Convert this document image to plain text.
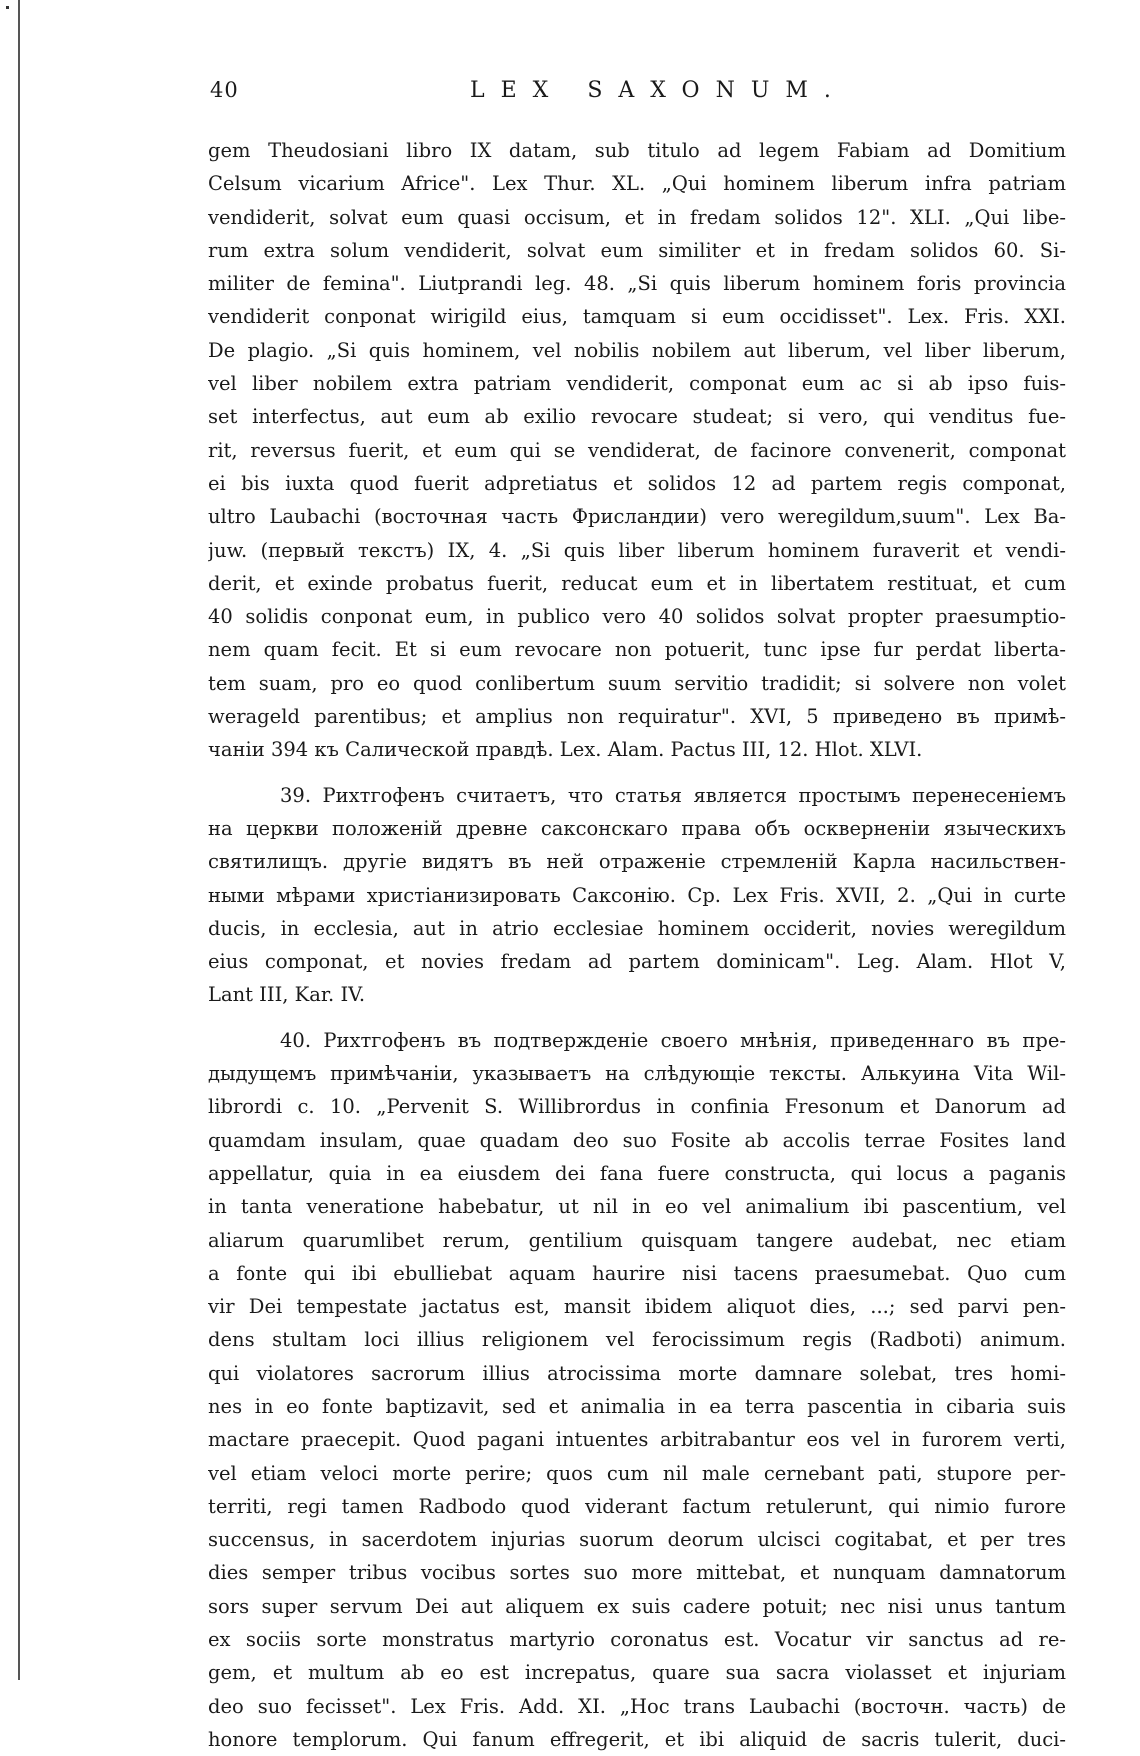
40	LEX SAXONUM.
gem Theudosiani libro IX datam, sub titulo ad legem Fabiam ad Domitium
Celsum vicarium Africe". Lex Thur. XL. „Qui hominem liberum infra patriam
vendiderit, solvat eum quasi occisum, et in fredam solidos 12". XLI. „Qui libe-
rum extra solum vendiderit, solvat eum similiter et in fredam solidos 60. Si-
militer de femina". Liutprandi leg. 48. „Si quis liberum hominem foris provincia
vendiderit conponat wirigild eius, tamquam si eum occidisset". Lex. Fris. XXI.
De plagio. „Si quis hominem, vel nobilis nobilem aut liberum, vel liber liberum,
vel liber nobilem extra patriam vendiderit, componat eum ac si ab ipso fuis-
set interfectus, aut eum ab exilio revocare studeat; si vero, qui venditus fue-
rit, reversus fuerit, et eum qui se vendiderat, de facinore convenerit, componat
ei bis iuxta quod fuerit adpretiatus et solidos 12 ad partem regis componat,
ultro Laubachi (восточная часть Фрисландии) vero weregildum,suum". Lex Ba-
juw. (первый текстъ) IX, 4. „Si quis liber liberum hominem furaverit et vendi-
derit, et exinde probatus fuerit, reducat eum et in libertatem restituat, et cum
40 solidis conponat eum, in publico vero 40 solidos solvat propter praesumptio-
nem quam fecit. Et si eum revocare non potuerit, tunc ipse fur perdat liberta-
tem suam, pro eo quod conlibertum suum servitio tradidit; si solvere non volet
werageld parentibus; et amplius non requiratur". XVI, 5 приведено въ примѣ-
чаніи 394 къ Салической правдѣ. Lex. Alam. Pactus III, 12. Hlot. XLVI.
39. Рихтгофенъ считаетъ, что статья является простымъ перенесеніемъ
на церкви положеній древне саксонскаго права объ оскверненіи языческихъ
святилищъ. другіе видятъ въ ней отраженіе стремленій Карла насильствен-
ными мѣрами христіанизировать Саксонію. Ср. Lex Fris. XVII, 2. „Qui in curte
ducis, in ecclesia, aut in atrio ecclesiae hominem occiderit, novies weregildum
eius componat, et novies fredam ad partem dominicam". Leg. Alam. Hlot V,
Lant III, Kar. IV.
40. Рихтгофенъ въ подтвержденіе своего мнѣнія, приведеннаго въ пре-
дыдущемъ примѣчаніи, указываетъ на слѣдующіе тексты. Алькуина Vita Wil-
librordi c. 10. „Pervenit S. Willibrordus in confinia Fresonum et Danorum ad
quamdam insulam, quae quadam deo suo Fosite ab accolis terrae Fosites land
appellatur, quia in ea eiusdem dei fana fuere constructa, qui locus a paganis
in tanta veneratione habebatur, ut nil in eo vel animalium ibi pascentium, vel
aliarum quarumlibet rerum, gentilium quisquam tangere audebat, nec etiam
a fonte qui ibi ebulliebat aquam haurire nisi tacens praesumebat. Quo cum
vir Dei tempestate jactatus est, mansit ibidem aliquot dies, ...; sed parvi pen-
dens stultam loci illius religionem vel ferocissimum regis (Radboti) animum.
qui violatores sacrorum illius atrocissima morte damnare solebat, tres homi-
nes in eo fonte baptizavit, sed et animalia in ea terra pascentia in cibaria suis
mactare praecepit. Quod pagani intuentes arbitrabantur eos vel in furorem verti,
vel etiam veloci morte perire; quos cum nil male cernebant pati, stupore per-
territi, regi tamen Radbodo quod viderant factum retulerunt, qui nimio furore
succensus, in sacerdotem injurias suorum deorum ulcisci cogitabat, et per tres
dies semper tribus vocibus sortes suo more mittebat, et nunquam damnatorum
sors super servum Dei aut aliquem ex suis cadere potuit; nec nisi unus tantum
ex sociis sorte monstratus martyrio coronatus est. Vocatur vir sanctus ad re-
gem, et multum ab eo est increpatus, quare sua sacra violasset et injuriam
deo suo fecisset". Lex Fris. Add. XI. „Hoc trans Laubachi (восточн. часть) de
honore templorum. Qui fanum effregerit, et ibi aliquid de sacris tulerit, duci-
